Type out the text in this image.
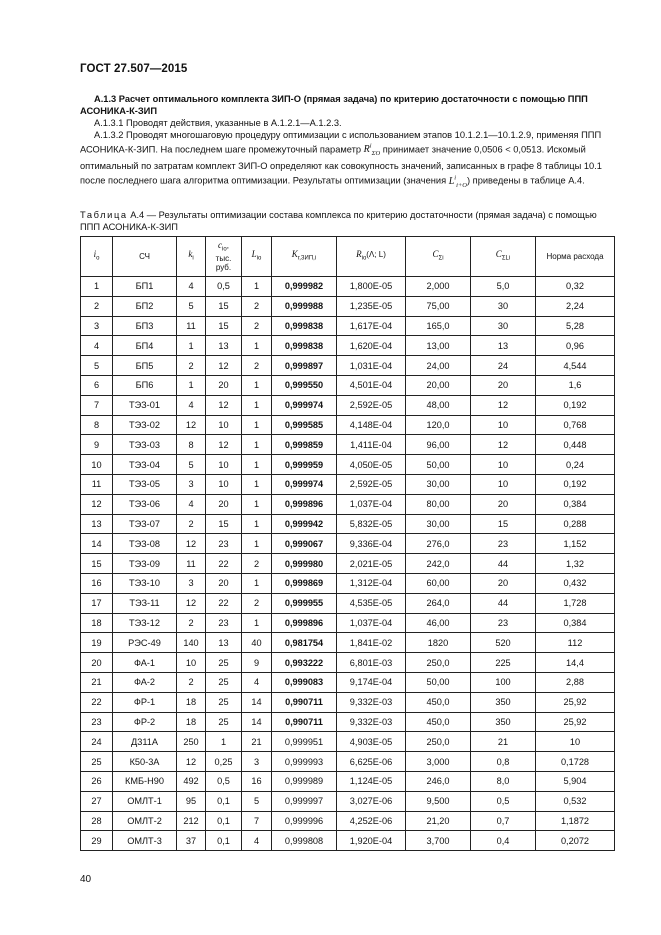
ГОСТ 27.507—2015

А.1.3 Расчет оптимального комплекта ЗИП-О (прямая задача) по критерию достаточности с помощью ППП АСОНИКА-К-ЗИП

А.1.3.1 Проводят действия, указанные в А.1.2.1—А.1.2.3.

А.1.3.2 Проводят многошаговую процедуру оптимизации с использованием этапов 10.1.2.1—10.1.2.9, применяя ППП АСОНИКА-К-ЗИП. На последнем шаге промежуточный параметр $R^i_{\Sigma О}$ принимает значение 0,0506 < 0,0513. Искомый оптимальный по затратам комплект ЗИП-О определяют как совокупность значений, записанных в графе 8 таблицы 10.1 после последнего шага алгоритма оптимизации. Результаты оптимизации (значения $L^i_{i+О}$) приведены в таблице А.4.

Таблица А.4 — Результаты оптимизации состава комплекса по критерию достаточности (прямая задача) с помощью ППП АСОНИКА-К-ЗИП
$i_o$	СЧ	$k_i$	$c_{io}$,
тыс. руб.	$L_{io}$	$K_{г,ЗИП,i}$	$R_{io}(\Lambda$; L)	$C_{\Sigma i}$	$C_{\Sigma Li}$	Норма расхода
1	БП1	4	0,5	1	0,999982	1,800E-05	2,000	5,0	0,32
2	БП2	5	15	2	0,999988	1,235E-05	75,00	30	2,24
3	БП3	11	15	2	0,999838	1,617E-04	165,0	30	5,28
4	БП4	1	13	1	0,999838	1,620E-04	13,00	13	0,96
5	БП5	2	12	2	0,999897	1,031E-04	24,00	24	4,544
6	БП6	1	20	1	0,999550	4,501E-04	20,00	20	1,6
7	ТЭЗ-01	4	12	1	0,999974	2,592E-05	48,00	12	0,192
8	ТЭЗ-02	12	10	1	0,999585	4,148E-04	120,0	10	0,768
9	ТЭЗ-03	8	12	1	0,999859	1,411E-04	96,00	12	0,448
10	ТЭЗ-04	5	10	1	0,999959	4,050E-05	50,00	10	0,24
11	ТЭЗ-05	3	10	1	0,999974	2,592E-05	30,00	10	0,192
12	ТЭЗ-06	4	20	1	0,999896	1,037E-04	80,00	20	0,384
13	ТЭЗ-07	2	15	1	0,999942	5,832E-05	30,00	15	0,288
14	ТЭЗ-08	12	23	1	0,999067	9,336E-04	276,0	23	1,152
15	ТЭЗ-09	11	22	2	0,999980	2,021E-05	242,0	44	1,32
16	ТЭЗ-10	3	20	1	0,999869	1,312E-04	60,00	20	0,432
17	ТЭЗ-11	12	22	2	0,999955	4,535E-05	264,0	44	1,728
18	ТЭЗ-12	2	23	1	0,999896	1,037E-04	46,00	23	0,384
19	РЭС-49	140	13	40	0,981754	1,841E-02	1820	520	112
20	ФА-1	10	25	9	0,993222	6,801E-03	250,0	225	14,4
21	ФА-2	2	25	4	0,999083	9,174E-04	50,00	100	2,88
22	ФР-1	18	25	14	0,990711	9,332E-03	450,0	350	25,92
23	ФР-2	18	25	14	0,990711	9,332E-03	450,0	350	25,92
24	Д311А	250	1	21	0,999951	4,903E-05	250,0	21	10
25	К50-3А	12	0,25	3	0,999993	6,625E-06	3,000	0,8	0,1728
26	КМБ-Н90	492	0,5	16	0,999989	1,124E-05	246,0	8,0	5,904
27	ОМЛТ-1	95	0,1	5	0,999997	3,027E-06	9,500	0,5	0,532
28	ОМЛТ-2	212	0,1	7	0,999996	4,252E-06	21,20	0,7	1,1872
29	ОМЛТ-3	37	0,1	4	0,999808	1,920E-04	3,700	0,4	0,2072
40
